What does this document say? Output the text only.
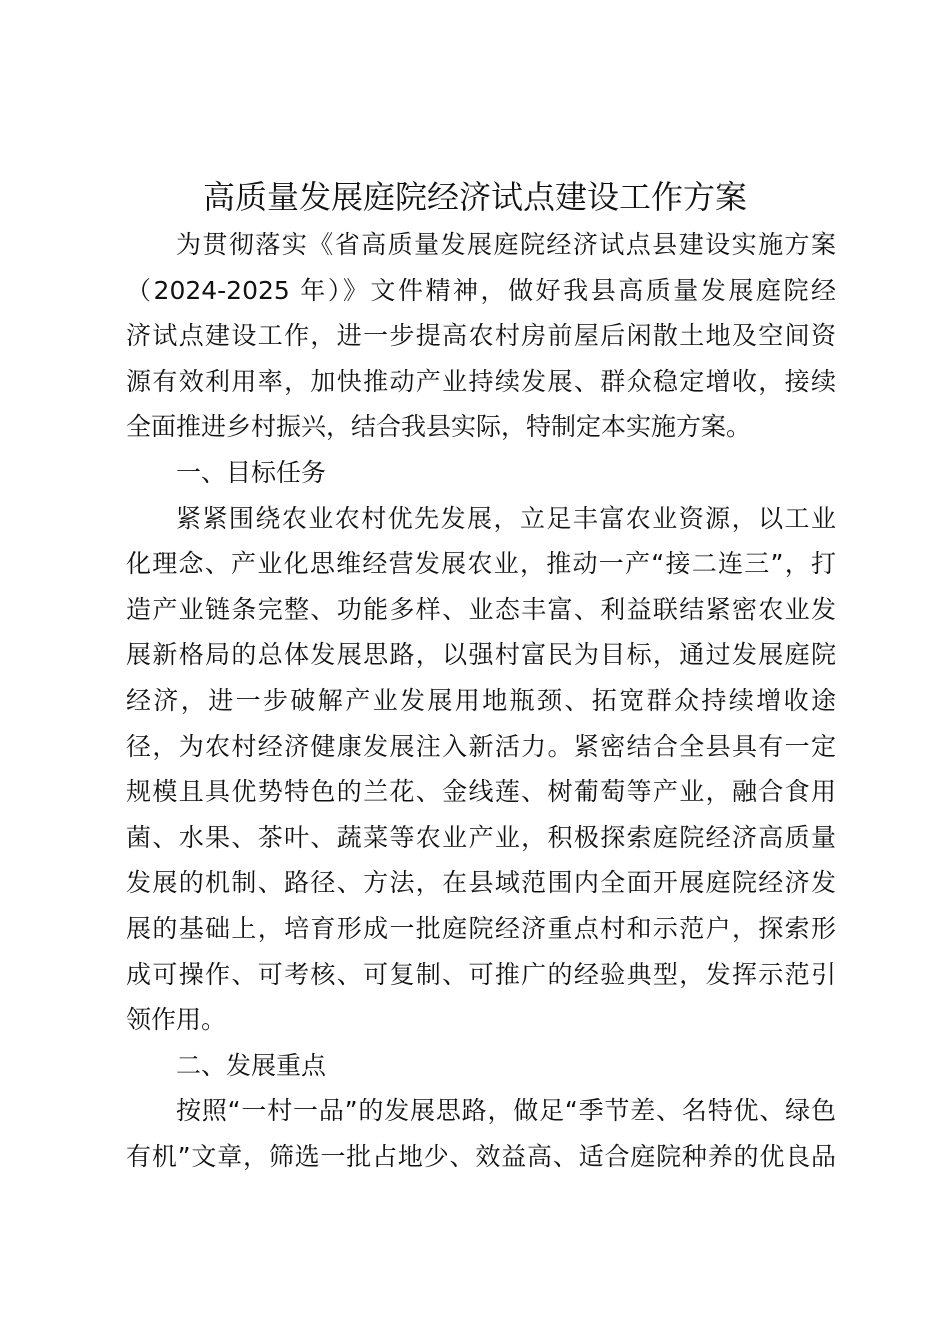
高质量发展庭院经济试点建设工作方案
为贯彻落实《省高质量发展庭院经济试点县建设实施方案
（2024-2025 年）》文件精神，做好我县高质量发展庭院经
济试点建设工作，进一步提高农村房前屋后闲散土地及空间资
源有效利用率，加快推动产业持续发展、群众稳定增收，接续
全面推进乡村振兴，结合我县实际，特制定本实施方案。
一、目标任务
紧紧围绕农业农村优先发展，立足丰富农业资源，以工业
化理念、产业化思维经营发展农业，推动一产“接二连三”，打
造产业链条完整、功能多样、业态丰富、利益联结紧密农业发
展新格局的总体发展思路，以强村富民为目标，通过发展庭院
经济，进一步破解产业发展用地瓶颈、拓宽群众持续增收途
径，为农村经济健康发展注入新活力。紧密结合全县具有一定
规模且具优势特色的兰花、金线莲、树葡萄等产业，融合食用
菌、水果、茶叶、蔬菜等农业产业，积极探索庭院经济高质量
发展的机制、路径、方法，在县域范围内全面开展庭院经济发
展的基础上，培育形成一批庭院经济重点村和示范户，探索形
成可操作、可考核、可复制、可推广的经验典型，发挥示范引
领作用。
二、发展重点
按照“一村一品”的发展思路，做足“季节差、名特优、绿色
有机”文章，筛选一批占地少、效益高、适合庭院种养的优良品
